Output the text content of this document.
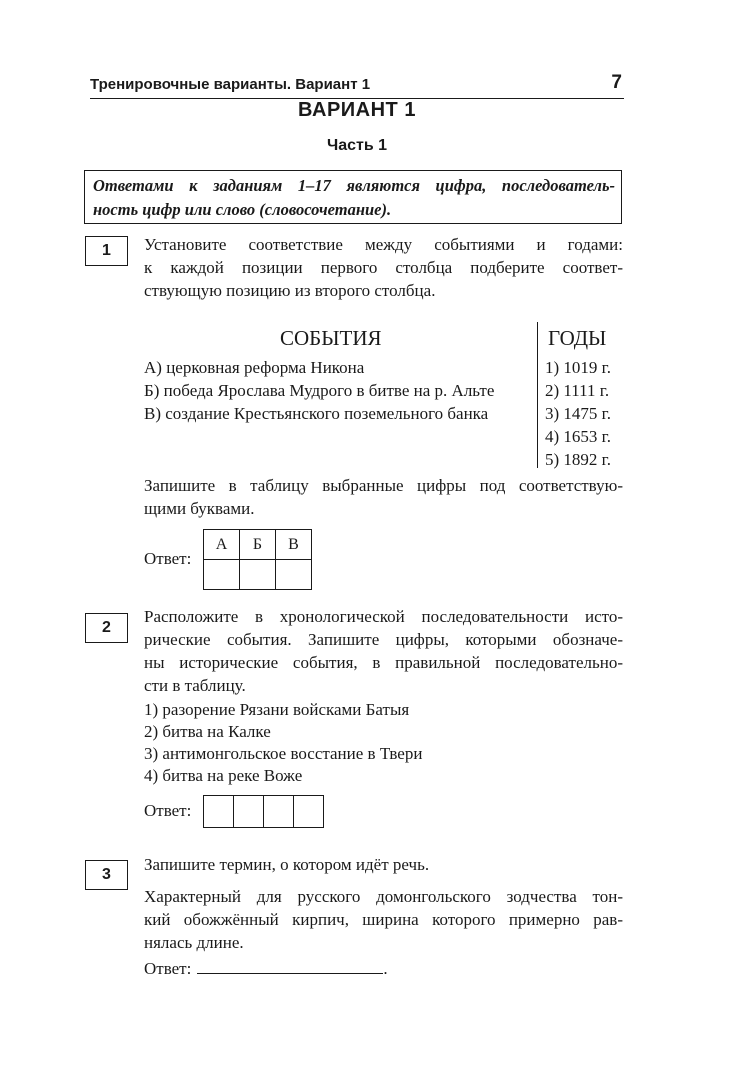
Тренировочные варианты. Вариант 1	7
ВАРИАНТ 1
Часть 1
Ответами к заданиям 1–17 являются цифра, последователь-
ность цифр или слово (словосочетание).
1	Установите соответствие между событиями и годами:
к каждой позиции первого столбца подберите соответ-
ствующую позицию из второго столбца.
СОБЫТИЯ	ГОДЫ
А) церковная реформа Никона
Б) победа Ярослава Мудрого в битве на р. Альте
В) создание Крестьянского поземельного банка
1) 1019 г.
2) 1111 г.
3) 1475 г.
4) 1653 г.
5) 1892 г.
Запишите в таблицу выбранные цифры под соответствую-
щими буквами.
Ответ:
А	Б	В

2
Расположите в хронологической последовательности исто-
рические события. Запишите цифры, которыми обозначе-
ны исторические события, в правильной последовательно-
сти в таблицу.
1) разорение Рязани войсками Батыя
2) битва на Калке
3) антимонгольское восстание в Твери
4) битва на реке Воже
Ответ:

3
Запишите термин, о котором идёт речь.
Характерный для русского домонгольского зодчества тон-
кий обожжённый кирпич, ширина которого примерно рав-
нялась длине.
Ответ:	.
